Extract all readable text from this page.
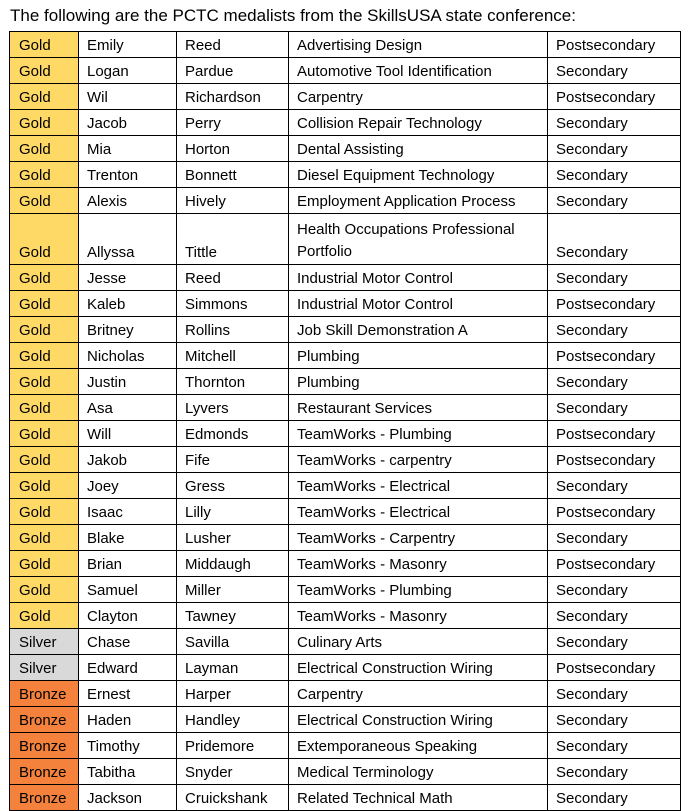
The following are the PCTC medalists from the SkillsUSA state conference:
Gold	Emily	Reed	Advertising Design	Postsecondary
Gold	Logan	Pardue	Automotive Tool Identification	Secondary
Gold	Wil	Richardson	Carpentry	Postsecondary
Gold	Jacob	Perry	Collision Repair Technology	Secondary
Gold	Mia	Horton	Dental Assisting	Secondary
Gold	Trenton	Bonnett	Diesel Equipment Technology	Secondary
Gold	Alexis	Hively	Employment Application Process	Secondary
Gold	Allyssa	Tittle	Health Occupations Professional Portfolio	Secondary
Gold	Jesse	Reed	Industrial Motor Control	Secondary
Gold	Kaleb	Simmons	Industrial Motor Control	Postsecondary
Gold	Britney	Rollins	Job Skill Demonstration A	Secondary
Gold	Nicholas	Mitchell	Plumbing	Postsecondary
Gold	Justin	Thornton	Plumbing	Secondary
Gold	Asa	Lyvers	Restaurant Services	Secondary
Gold	Will	Edmonds	TeamWorks - Plumbing	Postsecondary
Gold	Jakob	Fife	TeamWorks - carpentry	Postsecondary
Gold	Joey	Gress	TeamWorks - Electrical	Secondary
Gold	Isaac	Lilly	TeamWorks - Electrical	Postsecondary
Gold	Blake	Lusher	TeamWorks - Carpentry	Secondary
Gold	Brian	Middaugh	TeamWorks - Masonry	Postsecondary
Gold	Samuel	Miller	TeamWorks - Plumbing	Secondary
Gold	Clayton	Tawney	TeamWorks - Masonry	Secondary
Silver	Chase	Savilla	Culinary Arts	Secondary
Silver	Edward	Layman	Electrical Construction Wiring	Postsecondary
Bronze	Ernest	Harper	Carpentry	Secondary
Bronze	Haden	Handley	Electrical Construction Wiring	Secondary
Bronze	Timothy	Pridemore	Extemporaneous Speaking	Secondary
Bronze	Tabitha	Snyder	Medical Terminology	Secondary
Bronze	Jackson	Cruickshank	Related Technical Math	Secondary
